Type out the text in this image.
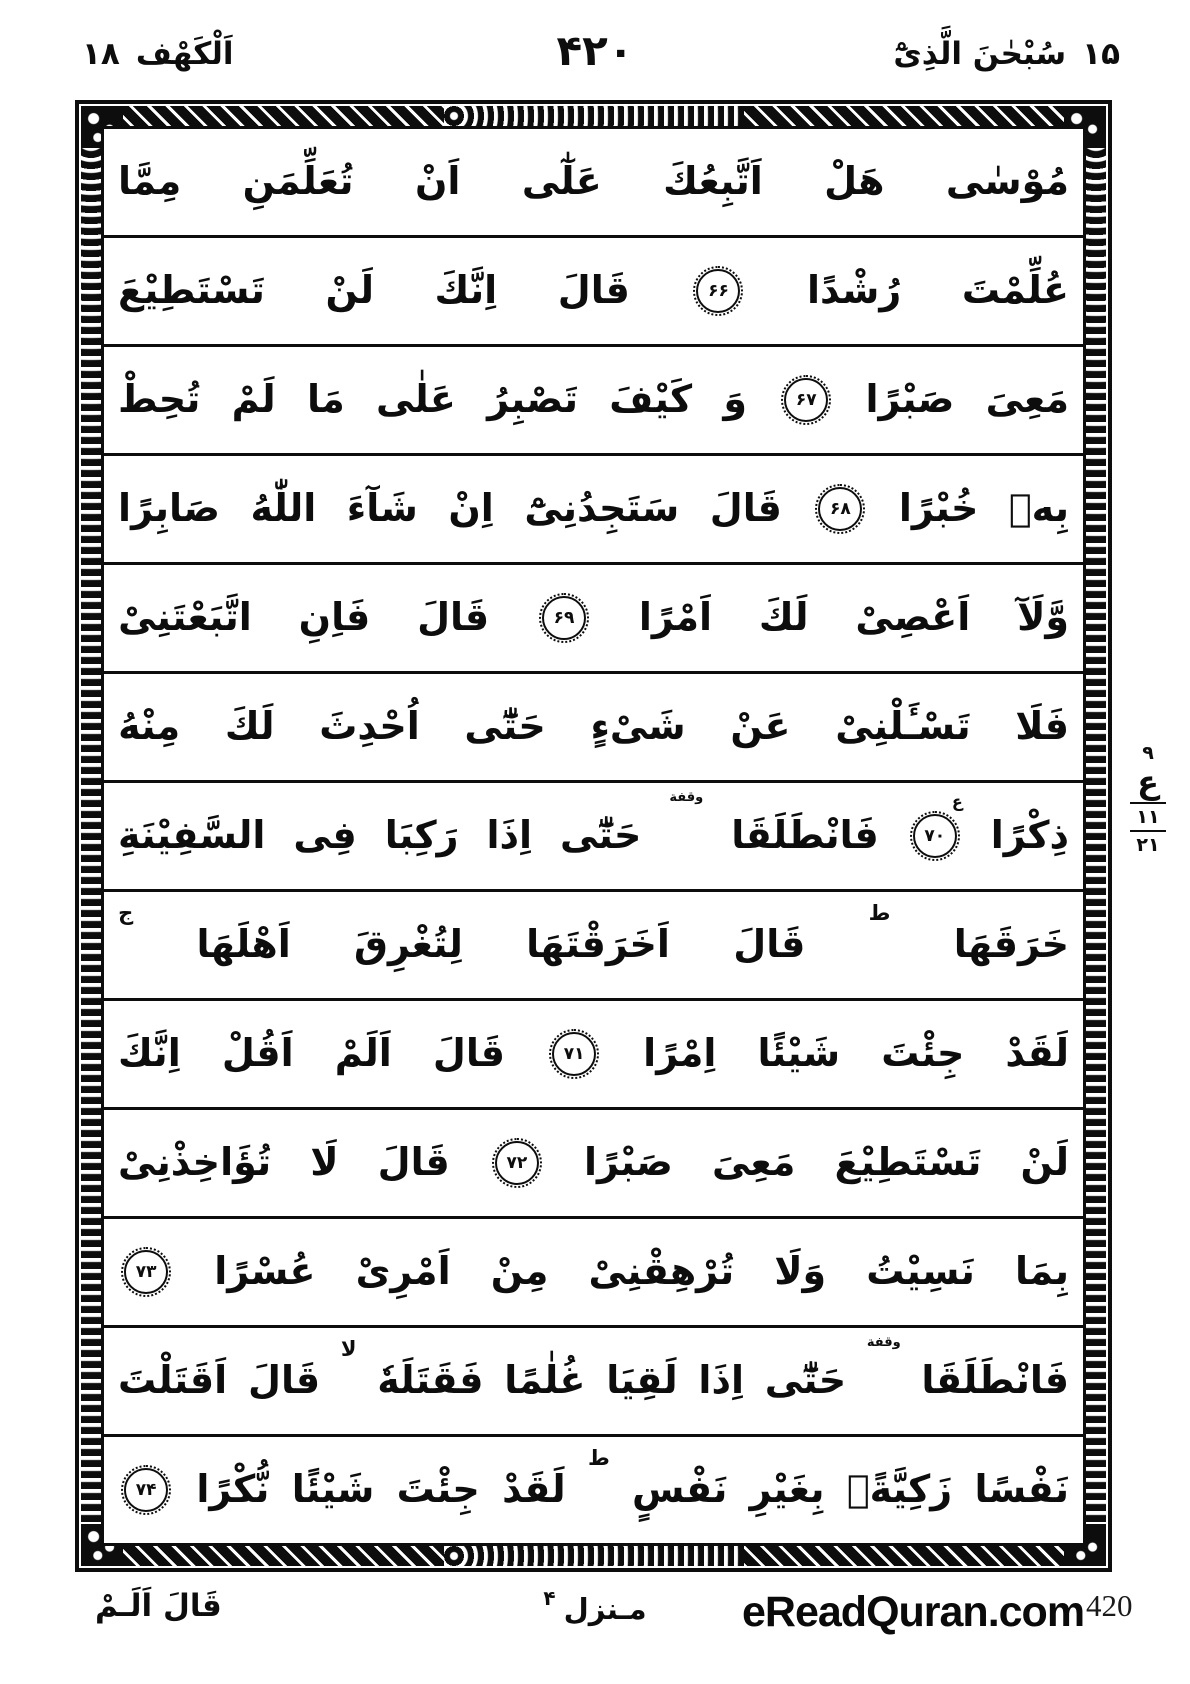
۱۸ اَلْكَهْف	۴۲۰	سُبْحٰنَ الَّذِىْٓ ۱۵
مُوْسٰى
هَلْ
اَتَّبِعُكَ
عَلٰٓى
اَنْ
تُعَلِّمَنِ
مِمَّا
عُلِّمْتَ
رُشْدًا
۶۶
قَالَ
اِنَّكَ
لَنْ
تَسْتَطِيْعَ
مَعِىَ
صَبْرًا
۶۷
وَ
كَيْفَ
تَصْبِرُ
عَلٰى
مَا
لَمْ
تُحِطْ
بِهٖ
خُبْرًا
۶۸
قَالَ
سَتَجِدُنِىْٓ
اِنْ
شَآءَ
اللّٰهُ
صَابِرًا
وَّلَآ
اَعْصِىْ
لَكَ
اَمْرًا
۶۹
قَالَ
فَاِنِ
اتَّبَعْتَنِىْ
فَلَا
تَسْـَٔلْنِىْ
عَنْ
شَىْءٍ
حَتّٰٓى
اُحْدِثَ
لَكَ
مِنْهُ
ذِكْرًا
۷۰
ع
فَانْطَلَقَا
وقفة
حَتّٰٓى
اِذَا
رَكِبَا
فِى
السَّفِيْنَةِ
خَرَقَهَا
ط
قَالَ
اَخَرَقْتَهَا
لِتُغْرِقَ
اَهْلَهَا
ج
لَقَدْ
جِئْتَ
شَيْئًا
اِمْرًا
۷۱
قَالَ
اَلَمْ
اَقُلْ
اِنَّكَ
لَنْ
تَسْتَطِيْعَ
مَعِىَ
صَبْرًا
۷۲
قَالَ
لَا
تُؤَاخِذْنِىْ
بِمَا
نَسِيْتُ
وَلَا
تُرْهِقْنِىْ
مِنْ
اَمْرِىْ
عُسْرًا
۷۳
فَانْطَلَقَا
وقفة
حَتّٰٓى
اِذَا
لَقِيَا
غُلٰمًا
فَقَتَلَهٗ
لا
قَالَ
اَقَتَلْتَ
نَفْسًا
زَكِيَّةًۢ
بِغَيْرِ
نَفْسٍ
ط
لَقَدْ
جِئْتَ
شَيْئًا
نُّكْرًا
۷۴
۹
ع
۱۱
۲۱
قَالَ اَلَـمْ	مـنزل
۴	eReadQuran.com 420
